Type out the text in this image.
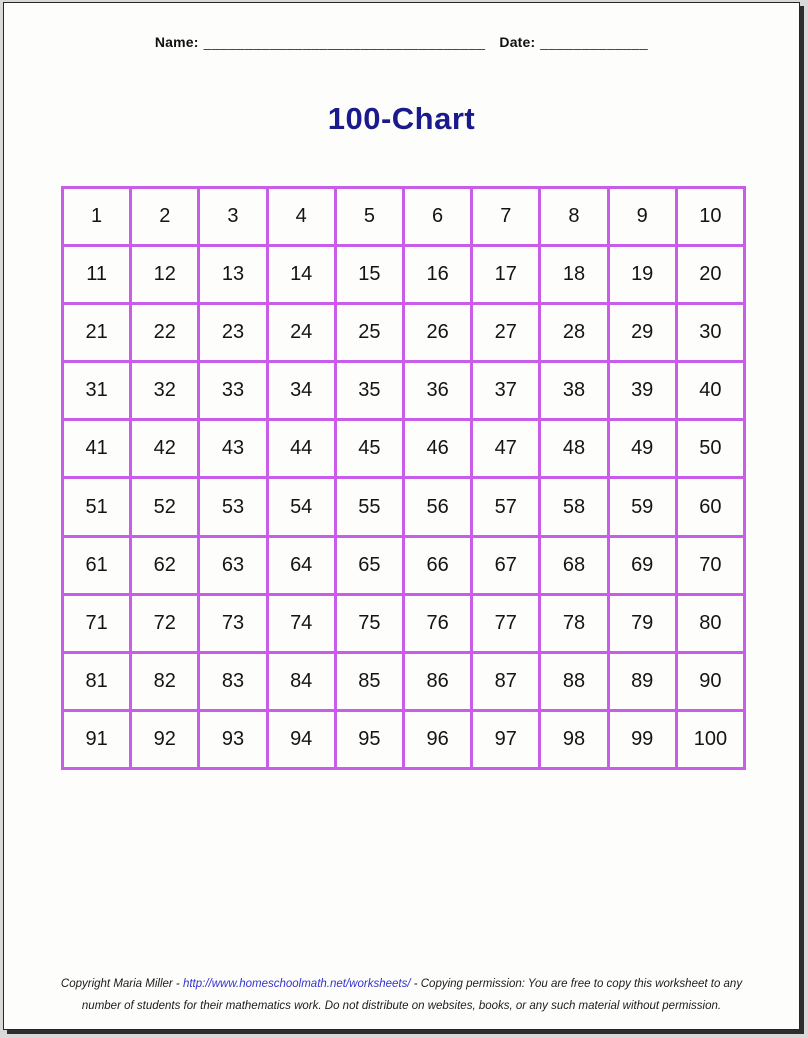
Name: __________________________________ Date: _____________
100-Chart
1	2	3	4	5	6	7	8	9	10
11	12	13	14	15	16	17	18	19	20
21	22	23	24	25	26	27	28	29	30
31	32	33	34	35	36	37	38	39	40
41	42	43	44	45	46	47	48	49	50
51	52	53	54	55	56	57	58	59	60
61	62	63	64	65	66	67	68	69	70
71	72	73	74	75	76	77	78	79	80
81	82	83	84	85	86	87	88	89	90
91	92	93	94	95	96	97	98	99	100
Copyright Maria Miller - http://www.homeschoolmath.net/worksheets/ - Copying permission: You are free to copy this worksheet to any
number of students for their mathematics work. Do not distribute on websites, books, or any such material without permission.
